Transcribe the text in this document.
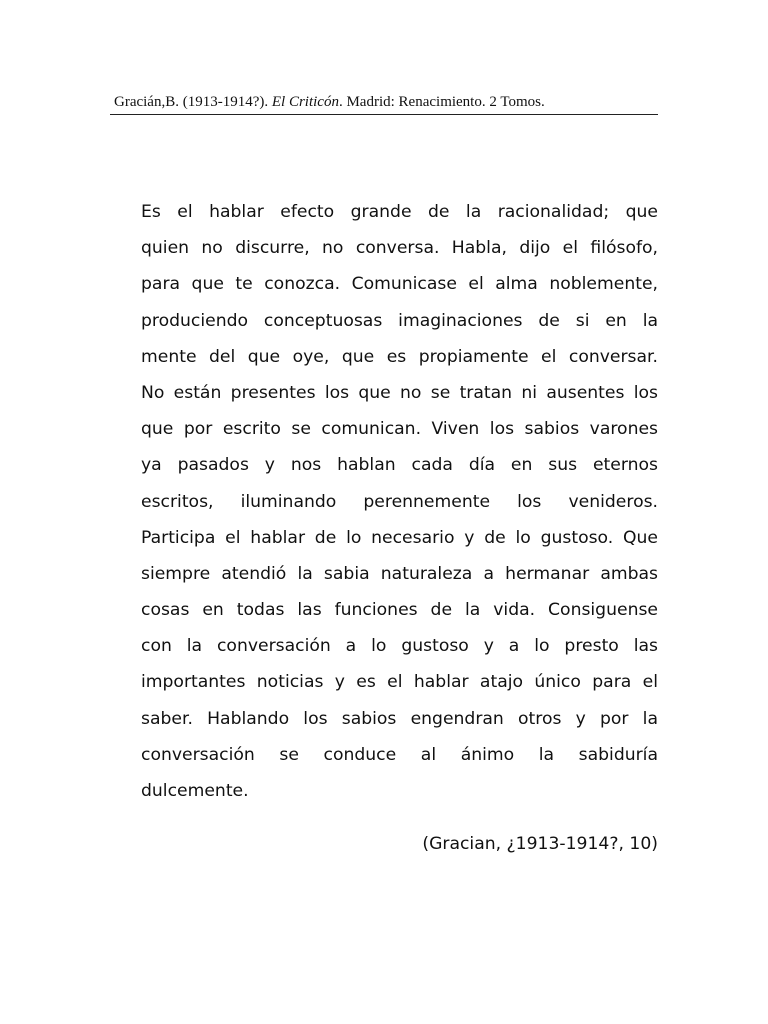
Gracián,B. (1913-1914?). El Criticón. Madrid: Renacimiento. 2 Tomos.
Es el hablar efecto grande de la racionalidad; que
quien no discurre, no conversa. Habla, dijo el filósofo,
para que te conozca. Comunicase el alma noblemente,
produciendo conceptuosas imaginaciones de si en la
mente del que oye, que es propiamente el conversar.
No están presentes los que no se tratan ni ausentes los
que por escrito se comunican. Viven los sabios varones
ya pasados y nos hablan cada día en sus eternos
escritos, iluminando perennemente los venideros.
Participa el hablar de lo necesario y de lo gustoso. Que
siempre atendió la sabia naturaleza a hermanar ambas
cosas en todas las funciones de la vida. Consiguense
con la conversación a lo gustoso y a lo presto las
importantes noticias y es el hablar atajo único para el
saber. Hablando los sabios engendran otros y por la
conversación se conduce al ánimo la sabiduría
dulcemente.
(Gracian, ¿1913-1914?, 10)
